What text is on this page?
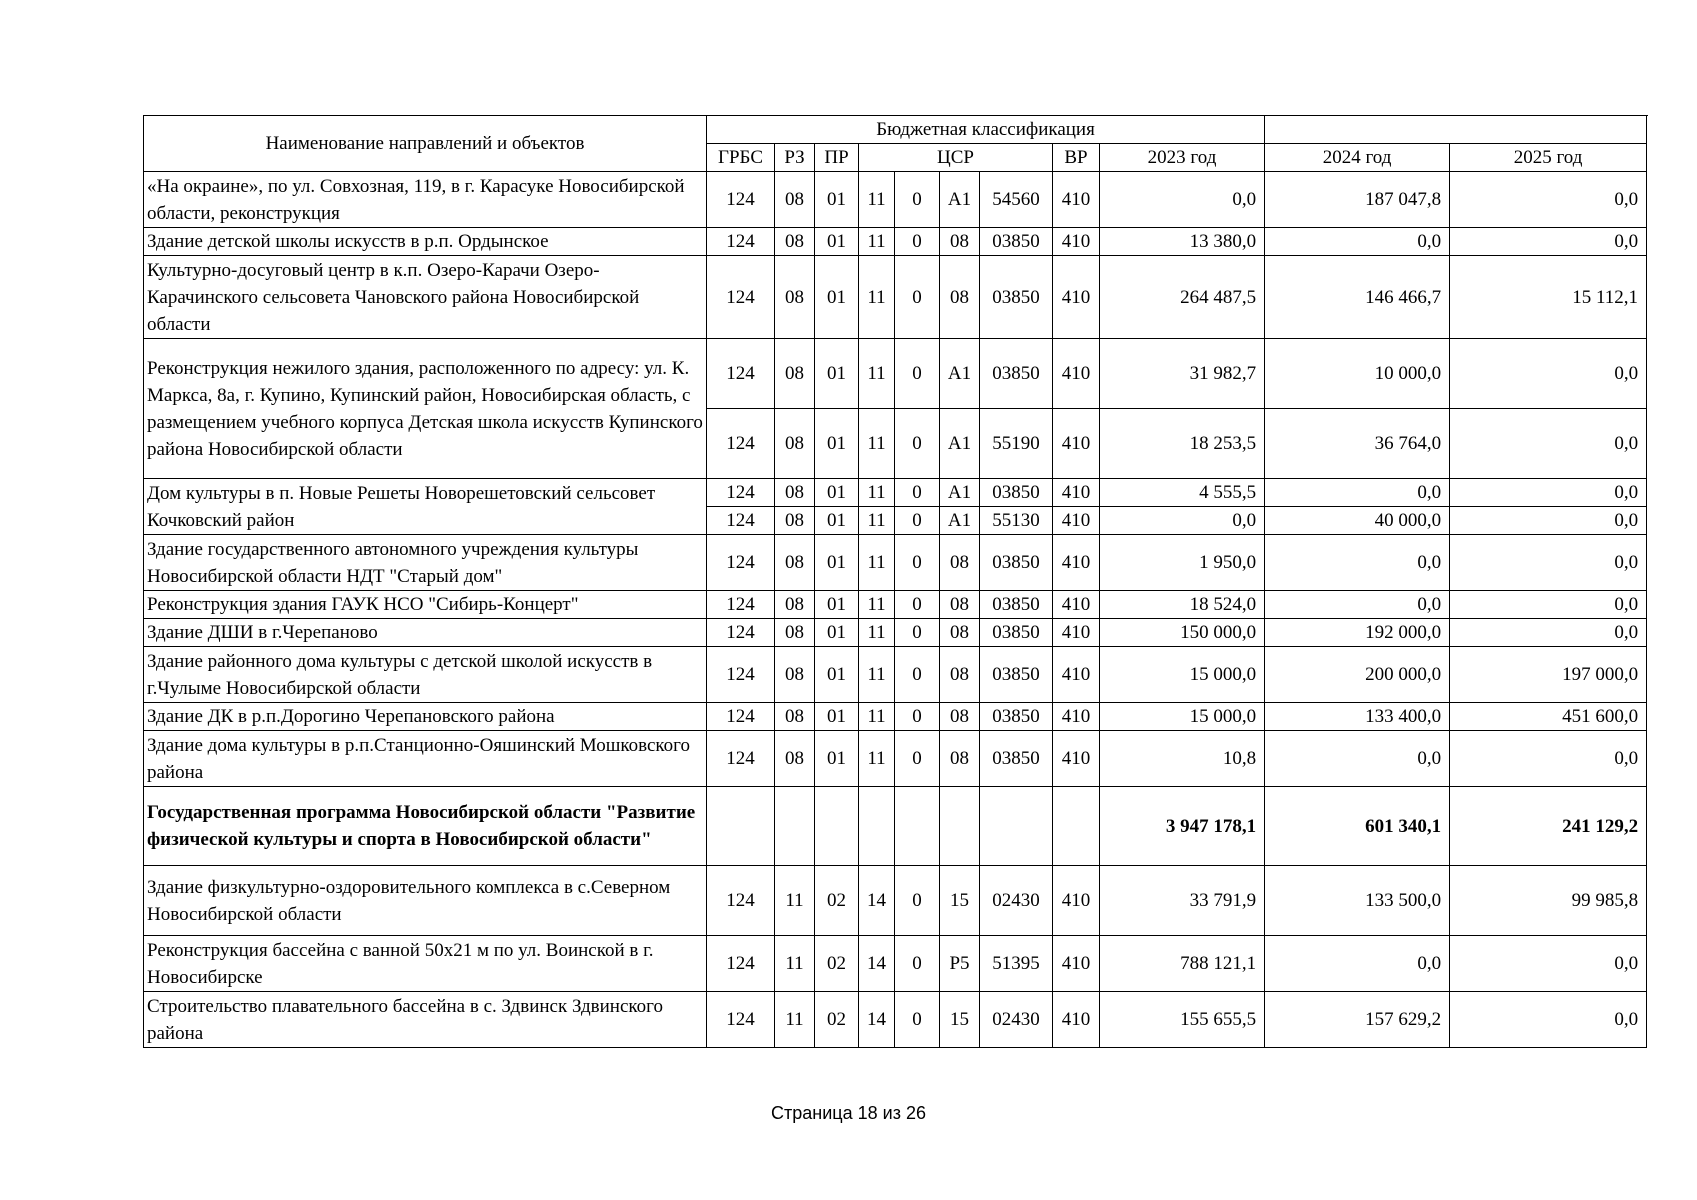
Наименование направлений и объектов	Бюджетная классификация										
	ГРБС	РЗ	ПР	ЦСР				ВР	2023 год	2024 год	2025 год
«На окраине», по ул. Совхозная, 119, в г. Карасуке Новосибирской области, реконструкция	124	08	01	11	0	A1	54560	410	0,0	187 047,8	0,0
Здание детской школы искусств в р.п. Ордынское	124	08	01	11	0	08	03850	410	13 380,0	0,0	0,0
Культурно-досуговый центр в к.п. Озеро-Карачи Озеро-Карачинского сельсовета Чановского района Новосибирской области	124	08	01	11	0	08	03850	410	264 487,5	146 466,7	15 112,1
Реконструкция нежилого здания, расположенного по адресу: ул. К. Маркса, 8а, г. Купино, Купинский район, Новосибирская область, с размещением учебного корпуса Детская школа искусств Купинского района Новосибирской области	124	08	01	11	0	A1	03850	410	31 982,7	10 000,0	0,0
	124	08	01	11	0	A1	55190	410	18 253,5	36 764,0	0,0
Дом культуры в п. Новые Решеты Новорешетовский сельсовет Кочковский район	124	08	01	11	0	A1	03850	410	4 555,5	0,0	0,0
	124	08	01	11	0	A1	55130	410	0,0	40 000,0	0,0
Здание государственного автономного учреждения культуры Новосибирской области НДТ "Старый дом"	124	08	01	11	0	08	03850	410	1 950,0	0,0	0,0
Реконструкция здания ГАУК НСО "Сибирь-Концерт"	124	08	01	11	0	08	03850	410	18 524,0	0,0	0,0
Здание ДШИ в г.Черепаново	124	08	01	11	0	08	03850	410	150 000,0	192 000,0	0,0
Здание районного дома культуры с детской школой искусств в г.Чулыме Новосибирской области	124	08	01	11	0	08	03850	410	15 000,0	200 000,0	197 000,0
Здание ДК в р.п.Дорогино Черепановского района	124	08	01	11	0	08	03850	410	15 000,0	133 400,0	451 600,0
Здание дома культуры в р.п.Станционно-Ояшинский Мошковского района	124	08	01	11	0	08	03850	410	10,8	0,0	0,0
Государственная программа Новосибирской области "Развитие физической культуры и спорта в Новосибирской области"									3 947 178,1	601 340,1	241 129,2
Здание физкультурно-оздоровительного комплекса в с.Северном Новосибирской области	124	11	02	14	0	15	02430	410	33 791,9	133 500,0	99 985,8
Реконструкция бассейна с ванной 50x21 м по ул. Воинской в г. Новосибирске	124	11	02	14	0	P5	51395	410	788 121,1	0,0	0,0
Строительство плавательного бассейна в с. Здвинск Здвинского района	124	11	02	14	0	15	02430	410	155 655,5	157 629,2	0,0
Страница 18 из 26
